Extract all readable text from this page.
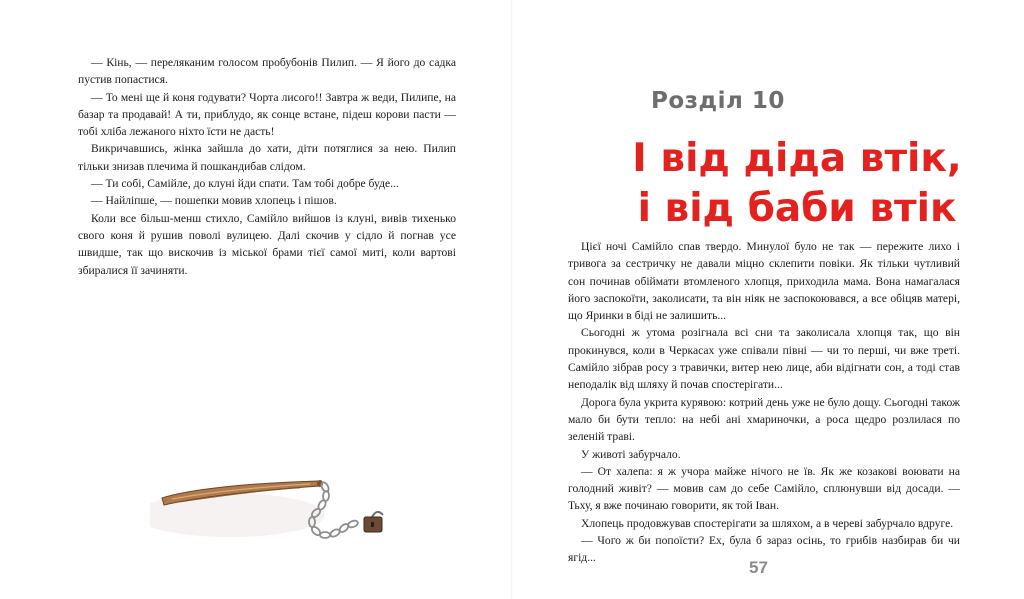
— Кінь, — переляканим голосом пробубонів Пилип. — Я його до садка пустив попастися.

— То мені ще й коня годувати? Чорта лисого!! Завтра ж веди, Пилипе, на базар та продавай! А ти, приблудо, як сонце встане, підеш корови пасти — тобі хліба лежаного ніхто їсти не дасть!

Викричавшись, жінка зайшла до хати, діти потяглися за нею. Пилип тільки знизав плечима й пошкандибав слідом.

— Ти собі, Самійле, до клуні йди спати. Там тобі добре буде...

— Найліпше, — пошепки мовив хлопець і пішов.

Коли все більш-менш стихло, Самійло вийшов із клуні, вивів тихенько свого коня й рушив поволі вулицею. Далі скочив у сідло й погнав усе швидше, так що вискочив із міської брами тієї самої миті, коли вартові збиралися її зачиняти.

Розділ 10
І від діда втік,
і від баби втік

Цієї ночі Самійло спав твердо. Минулої було не так — пережите лихо і тривога за сестричку не давали міцно склепити повіки. Як тільки чутливий сон починав обіймати втомленого хлопця, приходила мама. Вона намагалася його заспокоїти, заколисати, та він ніяк не заспокоювався, а все обіцяв матері, що Яринки в біді не залишить...

Сьогодні ж утома розігнала всі сни та заколисала хлопця так, що він прокинувся, коли в Черкасах уже співали півні — чи то перші, чи вже треті. Самійло зібрав росу з травички, витер нею лице, аби відігнати сон, а тоді став неподалік від шляху й почав спостерігати...

Дорога була укрита курявою: котрий день уже не було дощу. Сьогодні також мало би бути тепло: на небі ані хмариночки, а роса щедро розлилася по зеленій траві.

У животі забурчало.

— От халепа: я ж учора майже нічого не їв. Як же козакові воювати на голодний живіт? — мовив сам до себе Самійло, сплюнувши від досади. — Тьху, я вже починаю говорити, як той Іван.

Хлопець продовжував спостерігати за шляхом, а в череві забурчало вдруге.

— Чого ж би попоїсти? Ех, була б зараз осінь, то грибів назбирав би чи ягід...

57
